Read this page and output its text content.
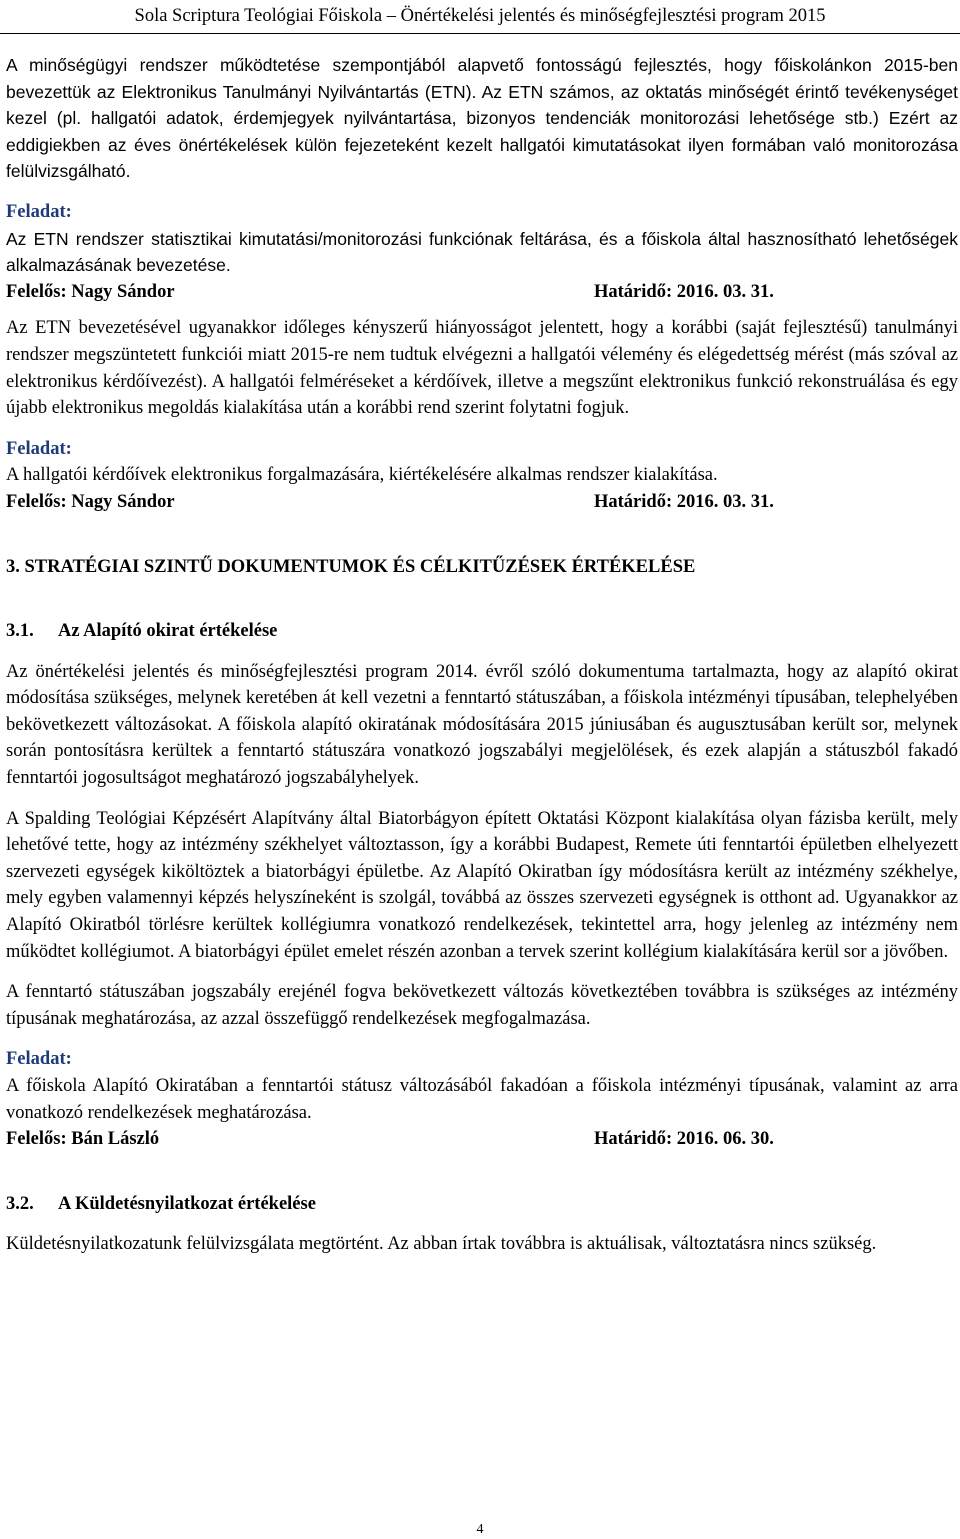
Sola Scriptura Teológiai Főiskola – Önértékelési jelentés és minőségfejlesztési program 2015

A minőségügyi rendszer működtetése szempontjából alapvető fontosságú fejlesztés, hogy főiskolánkon 2015-ben bevezettük az Elektronikus Tanulmányi Nyilvántartás (ETN). Az ETN számos, az oktatás minőségét érintő tevékenységet kezel (pl. hallgatói adatok, érdemjegyek nyilvántartása, bizonyos tendenciák monitorozási lehetősége stb.) Ezért az eddigiekben az éves önértékelések külön fejezeteként kezelt hallgatói kimutatásokat ilyen formában való monitorozása felülvizsgálható.

Feladat:
Az ETN rendszer statisztikai kimutatási/monitorozási funkciónak feltárása, és a főiskola által hasznosítható lehetőségek alkalmazásának bevezetése.
Felelős: Nagy Sándor	Határidő: 2016. 03. 31.

Az ETN bevezetésével ugyanakkor időleges kényszerű hiányosságot jelentett, hogy a korábbi (saját fejlesztésű) tanulmányi rendszer megszüntetett funkciói miatt 2015-re nem tudtuk elvégezni a hallgatói vélemény és elégedettség mérést (más szóval az elektronikus kérdőívezést). A hallgatói felméréseket a kérdőívek, illetve a megszűnt elektronikus funkció rekonstruálása és egy újabb elektronikus megoldás kialakítása után a korábbi rend szerint folytatni fogjuk.

Feladat:
A hallgatói kérdőívek elektronikus forgalmazására, kiértékelésére alkalmas rendszer kialakítása.
Felelős: Nagy Sándor	Határidő: 2016. 03. 31.
3. STRATÉGIAI SZINTŰ DOKUMENTUMOK ÉS CÉLKITŰZÉSEK ÉRTÉKELÉSE
3.1. Az Alapító okirat értékelése

Az önértékelési jelentés és minőségfejlesztési program 2014. évről szóló dokumentuma tartalmazta, hogy az alapító okirat módosítása szükséges, melynek keretében át kell vezetni a fenntartó státuszában, a főiskola intézményi típusában, telephelyében bekövetkezett változásokat. A főiskola alapító okiratának módosítására 2015 júniusában és augusztusában került sor, melynek során pontosításra kerültek a fenntartó státuszára vonatkozó jogszabályi megjelölések, és ezek alapján a státuszból fakadó fenntartói jogosultságot meghatározó jogszabályhelyek.

A Spalding Teológiai Képzésért Alapítvány által Biatorbágyon épített Oktatási Központ kialakítása olyan fázisba került, mely lehetővé tette, hogy az intézmény székhelyet változtasson, így a korábbi Budapest, Remete úti fenntartói épületben elhelyezett szervezeti egységek kiköltöztek a biatorbágyi épületbe. Az Alapító Okiratban így módosításra került az intézmény székhelye, mely egyben valamennyi képzés helyszíneként is szolgál, továbbá az összes szervezeti egységnek is otthont ad. Ugyanakkor az Alapító Okiratból törlésre kerültek kollégiumra vonatkozó rendelkezések, tekintettel arra, hogy jelenleg az intézmény nem működtet kollégiumot. A biatorbágyi épület emelet részén azonban a tervek szerint kollégium kialakítására kerül sor a jövőben.

A fenntartó státuszában jogszabály erejénél fogva bekövetkezett változás következtében továbbra is szükséges az intézmény típusának meghatározása, az azzal összefüggő rendelkezések megfogalmazása.

Feladat:
A főiskola Alapító Okiratában a fenntartói státusz változásából fakadóan a főiskola intézményi típusának, valamint az arra vonatkozó rendelkezések meghatározása.
Felelős: Bán László	Határidő: 2016. 06. 30.
3.2. A Küldetésnyilatkozat értékelése

Küldetésnyilatkozatunk felülvizsgálata megtörtént. Az abban írtak továbbra is aktuálisak, változtatásra nincs szükség.

4
